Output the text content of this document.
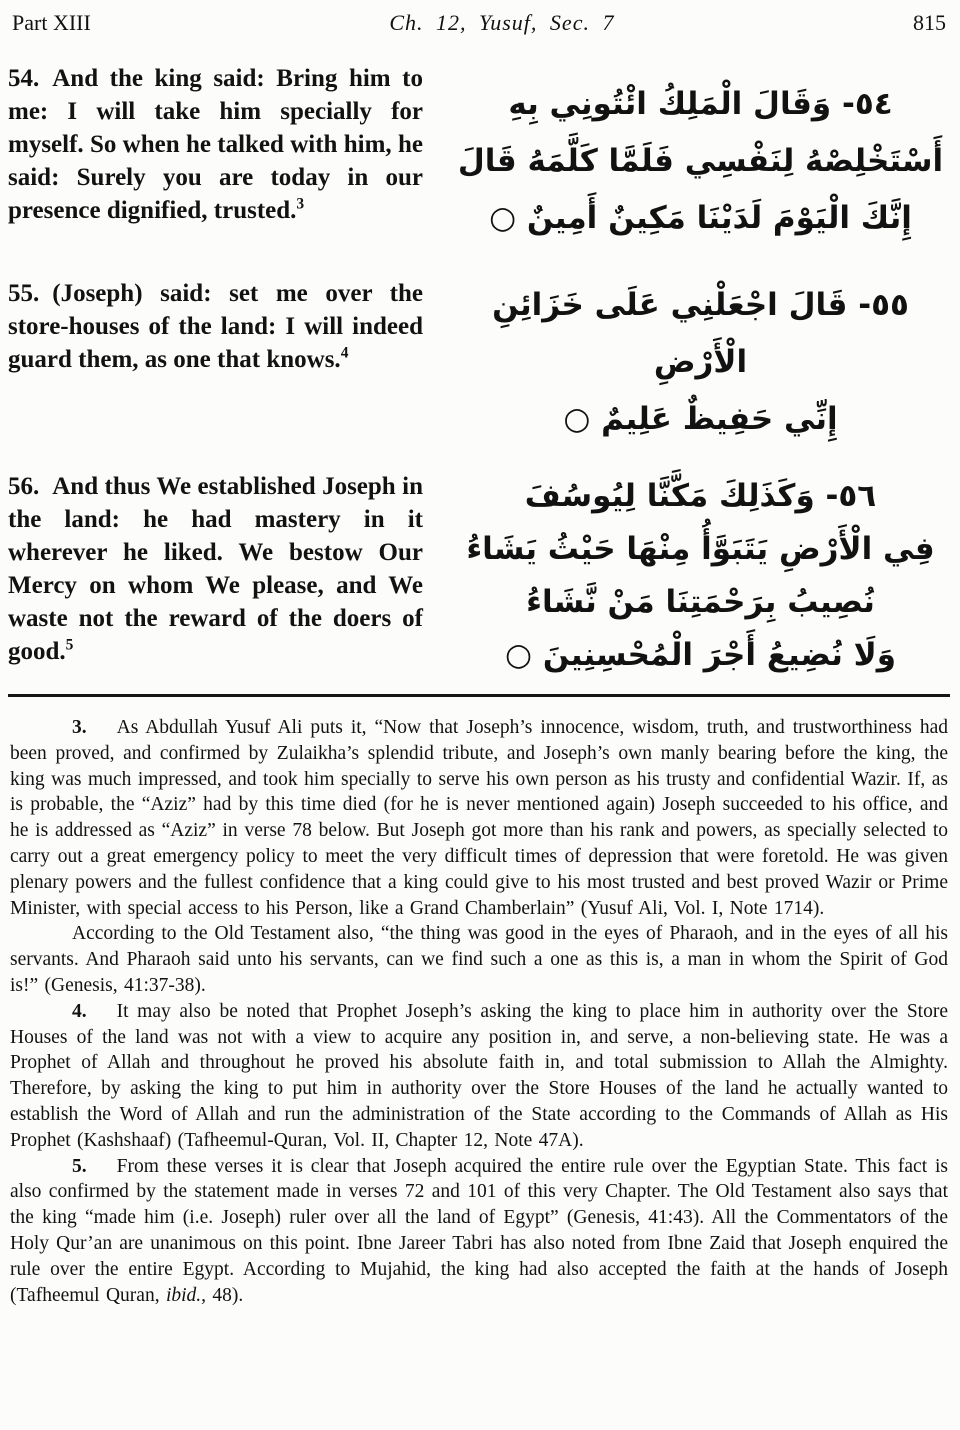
Part XIII	Ch. 12, Yusuf, Sec. 7	815

54. And the king said: Bring him to me: I will take him specially for myself. So when he talked with him, he said: Surely you are today in our presence dignified, trusted.$^3$

٥٤- وَقَالَ الْمَلِكُ ائْتُونِي بِهِ
أَسْتَخْلِصْهُ لِنَفْسِي فَلَمَّا كَلَّمَهُ قَالَ
إِنَّكَ الْيَوْمَ لَدَيْنَا مَكِينٌ أَمِينٌ ○

55. (Joseph) said: set me over the store-houses of the land: I will indeed guard them, as one that knows.$^4$

٥٥- قَالَ اجْعَلْنِي عَلَى خَزَائِنِ الْأَرْضِ
إِنِّي حَفِيظٌ عَلِيمٌ ○

56. And thus We established Joseph in the land: he had mastery in it wherever he liked. We bestow Our Mercy on whom We please, and We waste not the reward of the doers of good.$^5$

٥٦- وَكَذَلِكَ مَكَّنَّا لِيُوسُفَ
فِي الْأَرْضِ يَتَبَوَّأُ مِنْهَا حَيْثُ يَشَاءُ
نُصِيبُ بِرَحْمَتِنَا مَنْ نَّشَاءُ
وَلَا نُضِيعُ أَجْرَ الْمُحْسِنِينَ ○

3. As Abdullah Yusuf Ali puts it, “Now that Joseph’s innocence, wisdom, truth, and trustworthiness had been proved, and confirmed by Zulaikha’s splendid tribute, and Joseph’s own manly bearing before the king, the king was much impressed, and took him specially to serve his own person as his trusty and confidential Wazir. If, as is probable, the “Aziz” had by this time died (for he is never mentioned again) Joseph succeeded to his office, and he is addressed as “Aziz” in verse 78 below. But Joseph got more than his rank and powers, as specially selected to carry out a great emergency policy to meet the very difficult times of depression that were foretold. He was given plenary powers and the fullest confidence that a king could give to his most trusted and best proved Wazir or Prime Minister, with special access to his Person, like a Grand Chamberlain” (Yusuf Ali, Vol. I, Note 1714).

According to the Old Testament also, “the thing was good in the eyes of Pharaoh, and in the eyes of all his servants. And Pharaoh said unto his servants, can we find such a one as this is, a man in whom the Spirit of God is!” (Genesis, 41:37-38).

4. It may also be noted that Prophet Joseph’s asking the king to place him in authority over the Store Houses of the land was not with a view to acquire any position in, and serve, a non-believing state. He was a Prophet of Allah and throughout he proved his absolute faith in, and total submission to Allah the Almighty. Therefore, by asking the king to put him in authority over the Store Houses of the land he actually wanted to establish the Word of Allah and run the administration of the State according to the Commands of Allah as His Prophet (Kashshaaf) (Tafheemul-Quran, Vol. II, Chapter 12, Note 47A).

5. From these verses it is clear that Joseph acquired the entire rule over the Egyptian State. This fact is also confirmed by the statement made in verses 72 and 101 of this very Chapter. The Old Testament also says that the king “made him (i.e. Joseph) ruler over all the land of Egypt” (Genesis, 41:43). All the Commentators of the Holy Qur’an are unanimous on this point. Ibne Jareer Tabri has also noted from Ibne Zaid that Joseph enquired the rule over the entire Egypt. According to Mujahid, the king had also accepted the faith at the hands of Joseph (Tafheemul Quran, ibid., 48).
